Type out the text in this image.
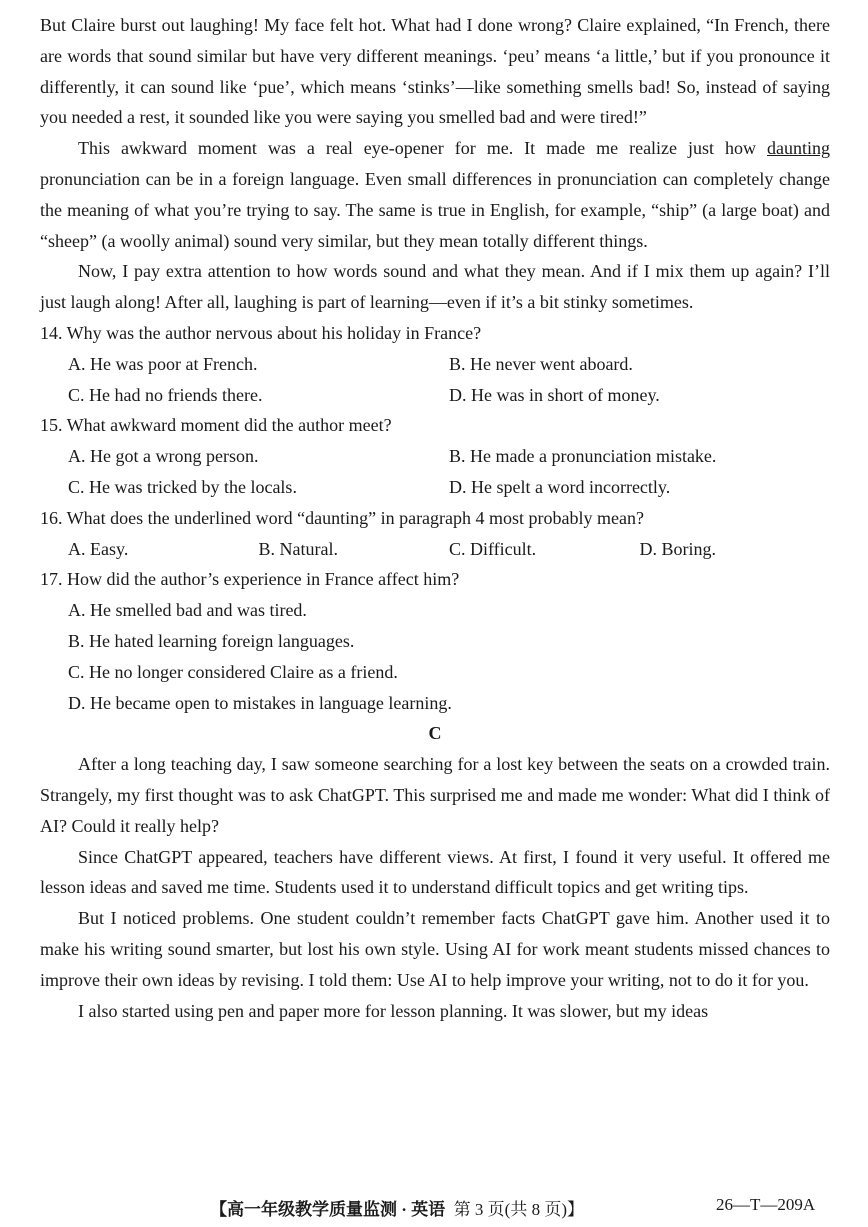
But Claire burst out laughing! My face felt hot. What had I done wrong? Claire explained, “In French, there are words that sound similar but have very different meanings. ‘peu’ means ‘a little,’ but if you pronounce it differently, it can sound like ‘pue’, which means ‘stinks’—like something smells bad! So, instead of saying you needed a rest, it sounded like you were saying you smelled bad and were tired!”

This awkward moment was a real eye-opener for me. It made me realize just how daunting pronunciation can be in a foreign language. Even small differences in pronunciation can completely change the meaning of what you’re trying to say. The same is true in English, for example, “ship” (a large boat) and “sheep” (a woolly animal) sound very similar, but they mean totally different things.

Now, I pay extra attention to how words sound and what they mean. And if I mix them up again? I’ll just laugh along! After all, laughing is part of learning—even if it’s a bit stinky sometimes.

14. Why was the author nervous about his holiday in France?
A. He was poor at French.	B. He never went aboard.
C. He had no friends there.	D. He was in short of money.
15. What awkward moment did the author meet?
A. He got a wrong person.	B. He made a pronunciation mistake.
C. He was tricked by the locals.	D. He spelt a word incorrectly.
16. What does the underlined word “daunting” in paragraph 4 most probably mean?
A. Easy.	B. Natural.	C. Difficult.	D. Boring.
17. How did the author’s experience in France affect him?
A. He smelled bad and was tired.
B. He hated learning foreign languages.
C. He no longer considered Claire as a friend.
D. He became open to mistakes in language learning.
C

After a long teaching day, I saw someone searching for a lost key between the seats on a crowded train. Strangely, my first thought was to ask ChatGPT. This surprised me and made me wonder: What did I think of AI? Could it really help?

Since ChatGPT appeared, teachers have different views. At first, I found it very useful. It offered me lesson ideas and saved me time. Students used it to understand difficult topics and get writing tips.

But I noticed problems. One student couldn’t remember facts ChatGPT gave him. Another used it to make his writing sound smarter, but lost his own style. Using AI for work meant students missed chances to improve their own ideas by revising. I told them: Use AI to help improve your writing, not to do it for you.

I also started using pen and paper more for lesson planning. It was slower, but my ideas

【高一年级教学质量监测 · 英语 第 3 页(共 8 页)】	26—T—209A
